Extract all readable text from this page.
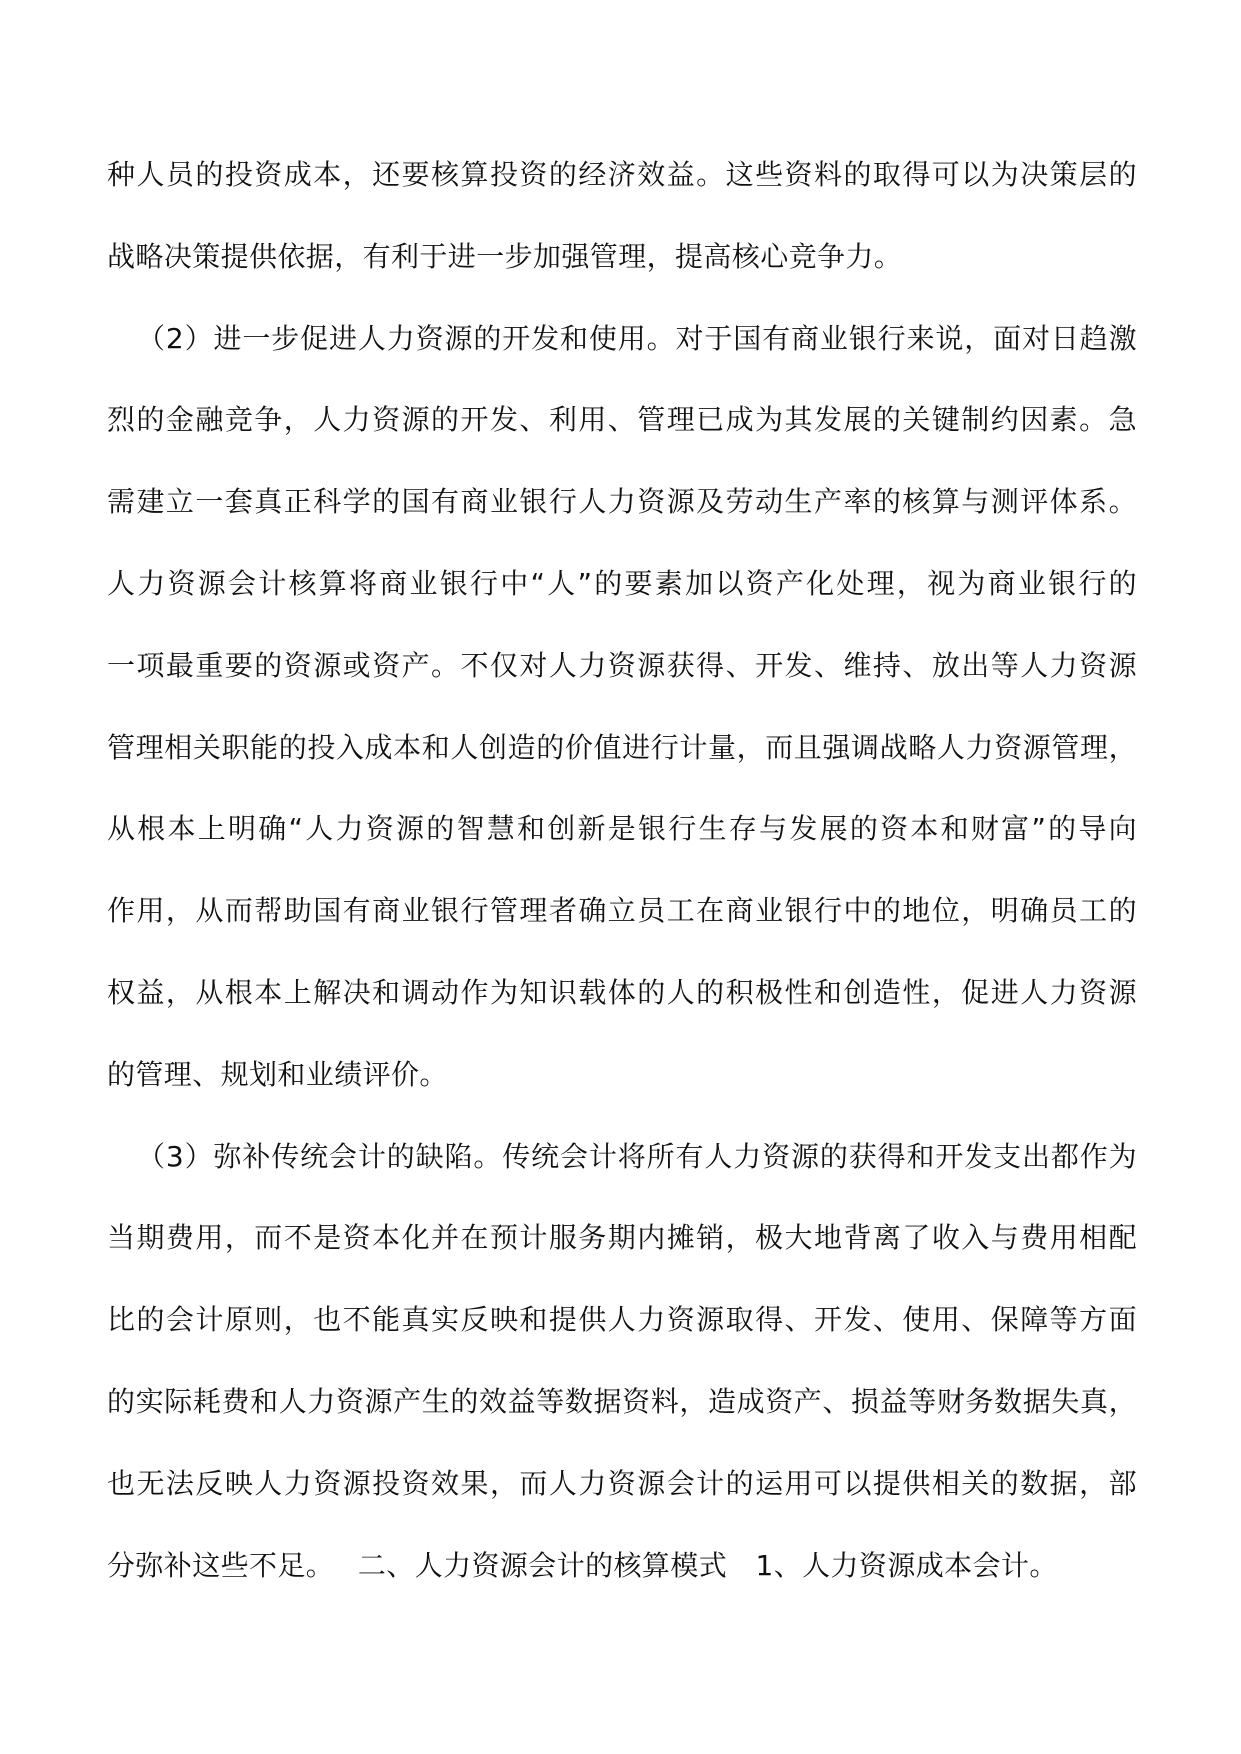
种人员的投资成本，还要核算投资的经济效益。这些资料的取得可以为决策层的
战略决策提供依据，有利于进一步加强管理，提高核心竞争力。
（2）进一步促进人力资源的开发和使用。对于国有商业银行来说，面对日趋激
烈的金融竞争，人力资源的开发、利用、管理已成为其发展的关键制约因素。急
需建立一套真正科学的国有商业银行人力资源及劳动生产率的核算与测评体系。
人力资源会计核算将商业银行中“人”的要素加以资产化处理，视为商业银行的
一项最重要的资源或资产。不仅对人力资源获得、开发、维持、放出等人力资源
管理相关职能的投入成本和人创造的价值进行计量，而且强调战略人力资源管理，
从根本上明确“人力资源的智慧和创新是银行生存与发展的资本和财富”的导向
作用，从而帮助国有商业银行管理者确立员工在商业银行中的地位，明确员工的
权益，从根本上解决和调动作为知识载体的人的积极性和创造性，促进人力资源
的管理、规划和业绩评价。
（3）弥补传统会计的缺陷。传统会计将所有人力资源的获得和开发支出都作为
当期费用，而不是资本化并在预计服务期内摊销，极大地背离了收入与费用相配
比的会计原则，也不能真实反映和提供人力资源取得、开发、使用、保障等方面
的实际耗费和人力资源产生的效益等数据资料，造成资产、损益等财务数据失真，
也无法反映人力资源投资效果，而人力资源会计的运用可以提供相关的数据，部
分弥补这些不足。　 二、人力资源会计的核算模式　1、人力资源成本会计。
